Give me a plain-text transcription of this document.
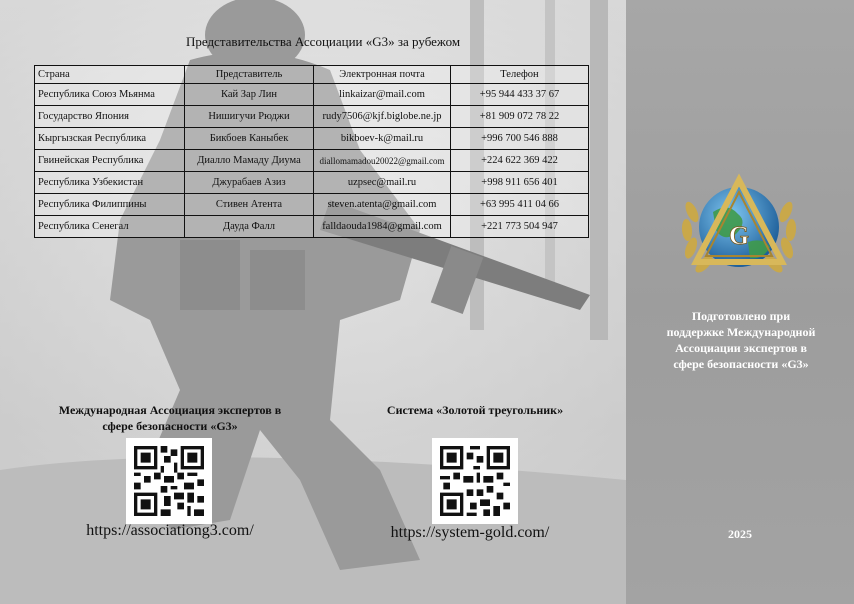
Представительства Ассоциации «G3» за рубежом
Страна	Представитель	Электронная почта	Телефон
Республика Союз Мьянма	Кай Зар Лин	linkaizar@mail.com	+95 944 433 37 67
Государство Япония	Нишигучи Рюджи	rudy7506@kjf.biglobe.ne.jp	+81 909 072 78 22
Кыргызская Республика	Бикбоев Каныбек	bikboev-k@mail.ru	+996 700 546 888
Гвинейская Республика	Диалло Мамаду Диума	diallomamadou20022@gmail.com	+224 622 369 422
Республика Узбекистан	Джурабаев Азиз	uzpsec@mail.ru	+998 911 656 401
Республика Филиппины	Стивен Атента	steven.atenta@gmail.com	+63 995 411 04 66
Республика Сенегал	Дауда Фалл	falldaouda1984@gmail.com	+221 773 504 947
Международная Ассоциация экспертов в
сфере безопасности «G3»
https://associationg3.com/
Система «Золотой треугольник»
https://system-gold.com/
G
Подготовлено при
поддержке Международной
Ассоциации экспертов в
сфере безопасности «G3»
2025
